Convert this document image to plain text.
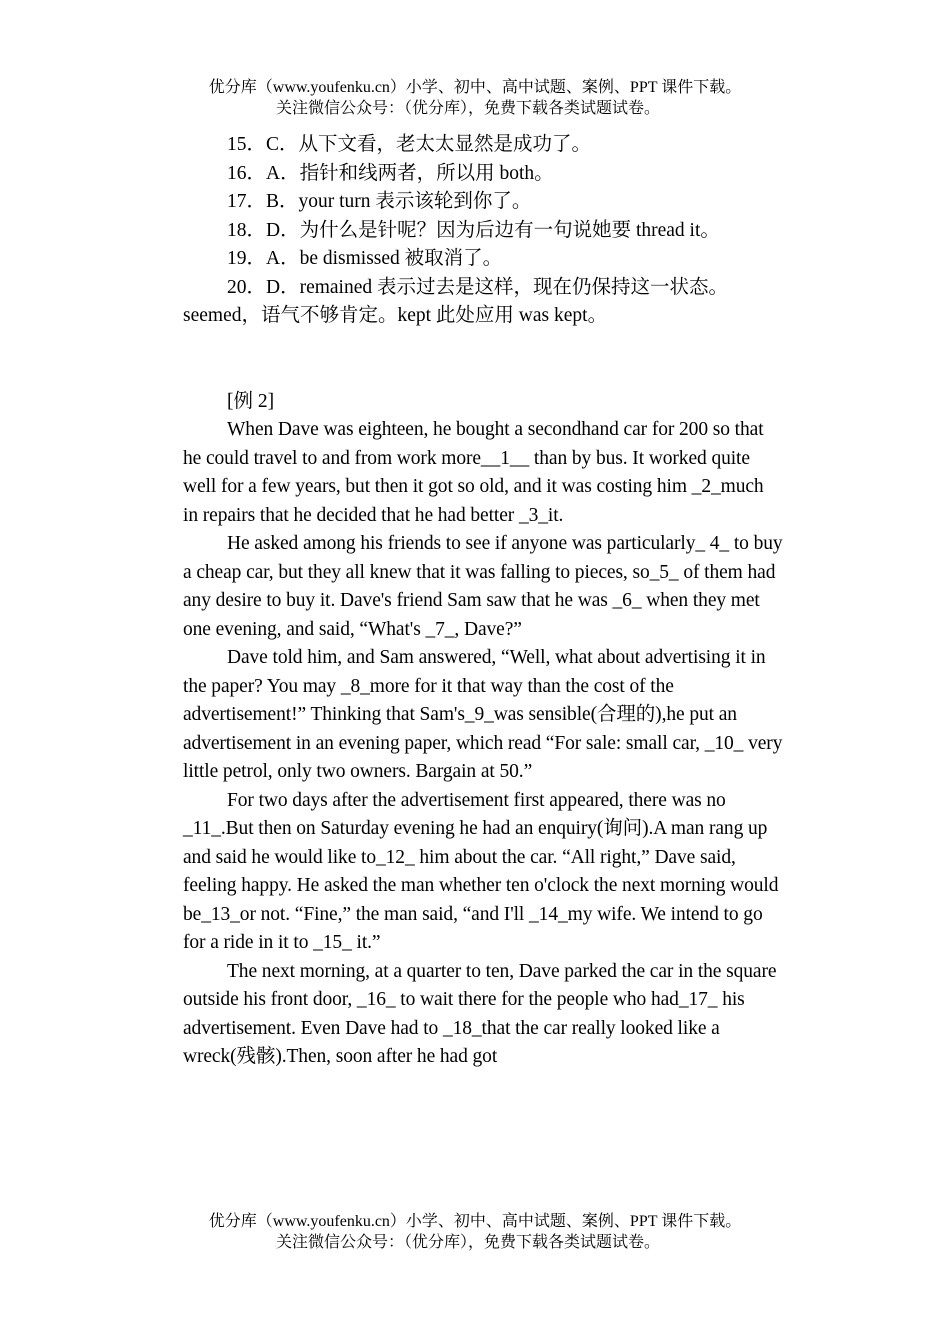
优分库（www.youfenku.cn）小学、初中、高中试题、案例、PPT 课件下载。
关注微信公众号：（优分库），免费下载各类试题试卷。

15．C．从下文看，老太太显然是成功了。

16．A．指针和线两者，所以用 both。

17．B．your turn 表示该轮到你了。

18．D．为什么是针呢？因为后边有一句说她要 thread it。

19．A．be dismissed 被取消了。

20．D．remained 表示过去是这样，现在仍保持这一状态。seemed，语气不够肯定。kept 此处应用 was kept。

[例 2]

When Dave was eighteen, he bought a secondhand car for 200 so that he could travel to and from work more__1__ than by bus. It worked quite well for a few years, but then it got so old, and it was costing him _2_much in repairs that he decided that he had better _3_it.

He asked among his friends to see if anyone was particularly_ 4_ to buy a cheap car, but they all knew that it was falling to pieces, so_5_ of them had any desire to buy it. Dave's friend Sam saw that he was _6_ when they met one evening, and said, “What's _7_, Dave?”

Dave told him, and Sam answered, “Well, what about advertising it in the paper? You may _8_more for it that way than the cost of the advertisement!” Thinking that Sam's_9_was sensible(合理的),he put an advertisement in an evening paper, which read “For sale: small car, _10_ very little petrol, only two owners. Bargain at 50.”

For two days after the advertisement first appeared, there was no _11_.But then on Saturday evening he had an enquiry(询问).A man rang up and said he would like to_12_ him about the car. “All right,” Dave said, feeling happy. He asked the man whether ten o'clock the next morning would be_13_or not. “Fine,” the man said, “and I'll _14_my wife. We intend to go for a ride in it to _15_ it.”

The next morning, at a quarter to ten, Dave parked the car in the square outside his front door, _16_ to wait there for the people who had_17_ his advertisement. Even Dave had to _18_that the car really looked like a wreck(残骸).Then, soon after he had got

优分库（www.youfenku.cn）小学、初中、高中试题、案例、PPT 课件下载。
关注微信公众号：（优分库），免费下载各类试题试卷。
